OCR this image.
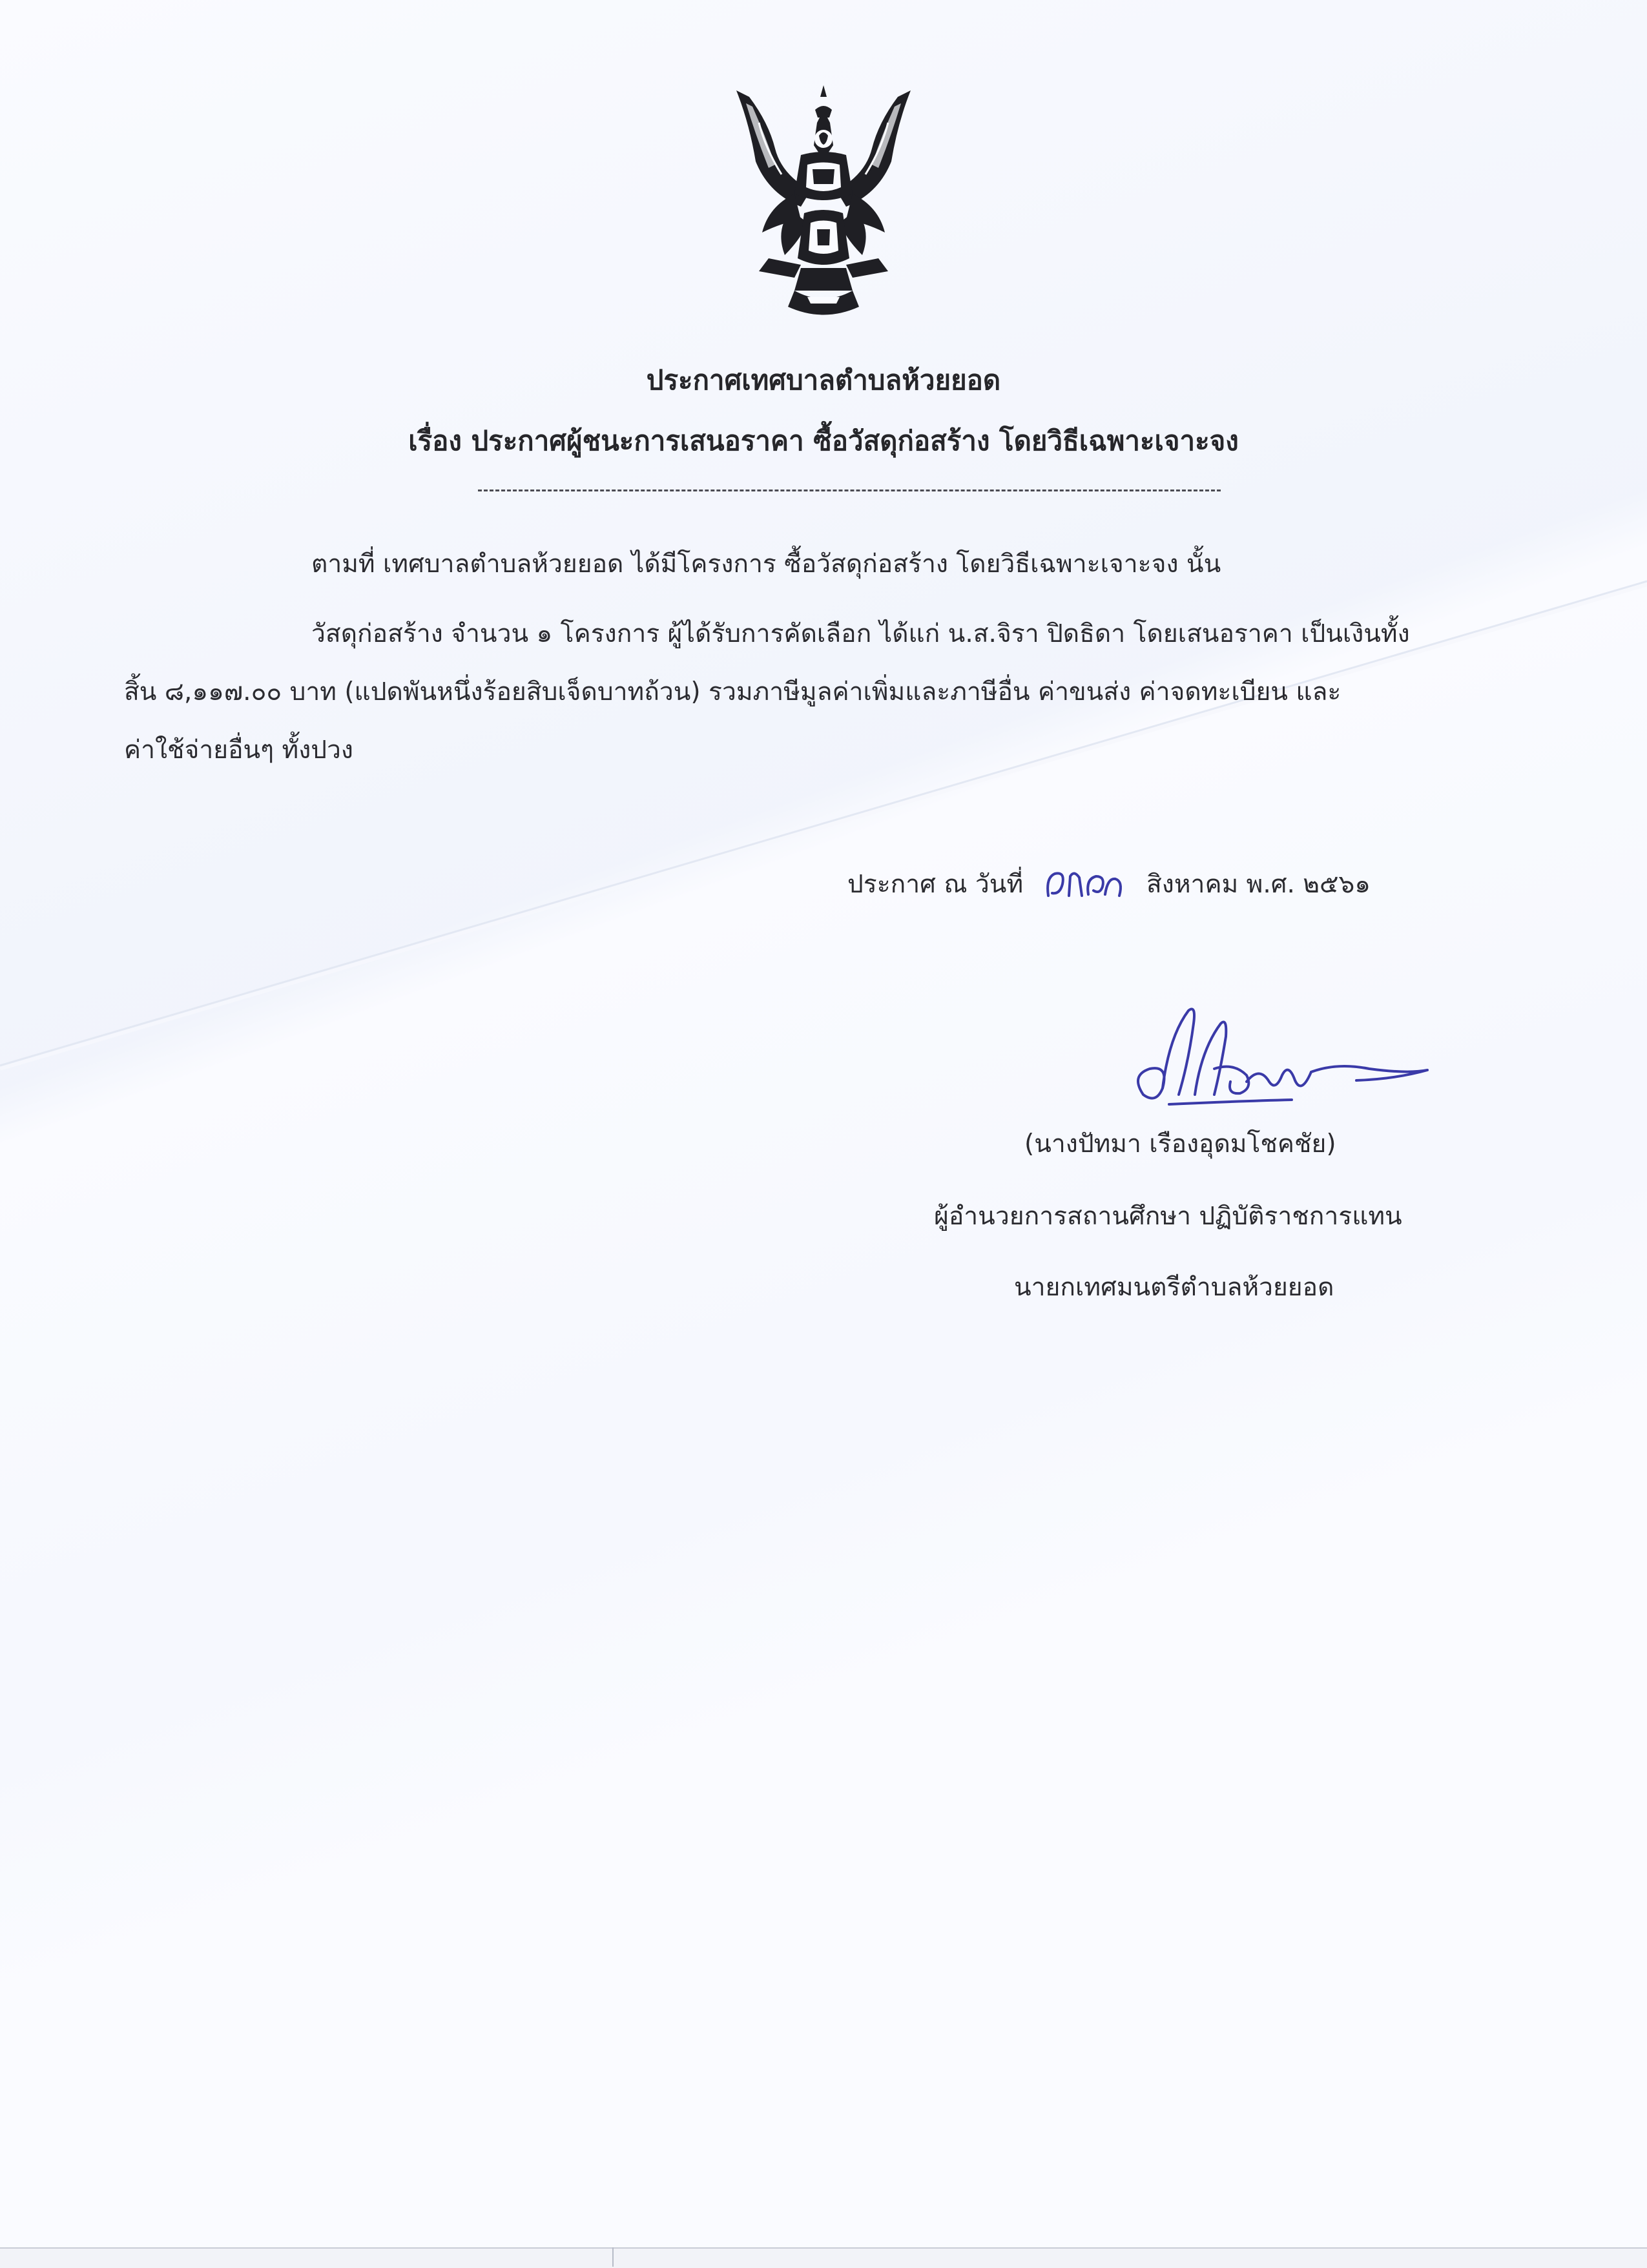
ประกาศเทศบาลตำบลห้วยยอด
เรื่อง ประกาศผู้ชนะการเสนอราคา ซื้อวัสดุก่อสร้าง โดยวิธีเฉพาะเจาะจง
ตามที่ เทศบาลตำบลห้วยยอด ได้มีโครงการ ซื้อวัสดุก่อสร้าง โดยวิธีเฉพาะเจาะจง นั้น
วัสดุก่อสร้าง จำนวน ๑ โครงการ ผู้ได้รับการคัดเลือก ได้แก่ น.ส.จิรา ปิดธิดา โดยเสนอราคา เป็นเงินทั้ง
สิ้น ๘,๑๑๗.๐๐ บาท (แปดพันหนึ่งร้อยสิบเจ็ดบาทถ้วน) รวมภาษีมูลค่าเพิ่มและภาษีอื่น ค่าขนส่ง ค่าจดทะเบียน และ
ค่าใช้จ่ายอื่นๆ ทั้งปวง
ประกาศ ณ วันที่	สิงหาคม พ.ศ. ๒๕๖๑
(นางปัทมา เรืองอุดมโชคชัย)
ผู้อำนวยการสถานศึกษา ปฏิบัติราชการแทน
นายกเทศมนตรีตำบลห้วยยอด
